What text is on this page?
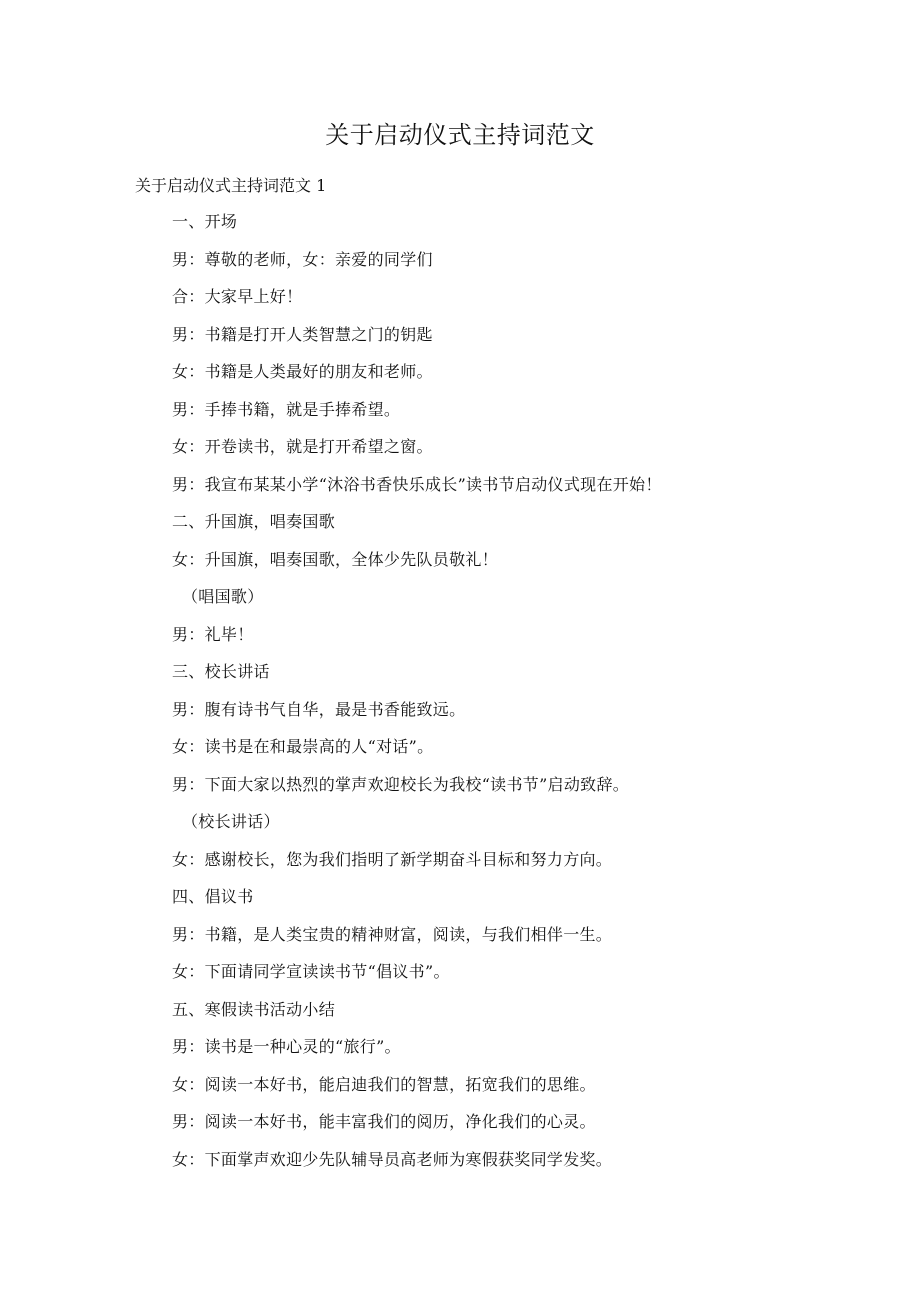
关于启动仪式主持词范文

关于启动仪式主持词范文 1

一、开场
男：尊敬的老师，女：亲爱的同学们
合：大家早上好！
男：书籍是打开人类智慧之门的钥匙
女：书籍是人类最好的朋友和老师。
男：手捧书籍，就是手捧希望。
女：开卷读书，就是打开希望之窗。
男：我宣布某某小学“沐浴书香快乐成长”读书节启动仪式现在开始！
二、升国旗，唱奏国歌
女：升国旗，唱奏国歌，全体少先队员敬礼！
（唱国歌）
男：礼毕！
三、校长讲话
男：腹有诗书气自华，最是书香能致远。
女：读书是在和最崇高的人“对话”。
男：下面大家以热烈的掌声欢迎校长为我校“读书节”启动致辞。
（校长讲话）
女：感谢校长，您为我们指明了新学期奋斗目标和努力方向。
四、倡议书
男：书籍，是人类宝贵的精神财富，阅读，与我们相伴一生。
女：下面请同学宣读读书节“倡议书”。
五、寒假读书活动小结
男：读书是一种心灵的“旅行”。
女：阅读一本好书，能启迪我们的智慧，拓宽我们的思维。
男：阅读一本好书，能丰富我们的阅历，净化我们的心灵。
女：下面掌声欢迎少先队辅导员高老师为寒假获奖同学发奖。
